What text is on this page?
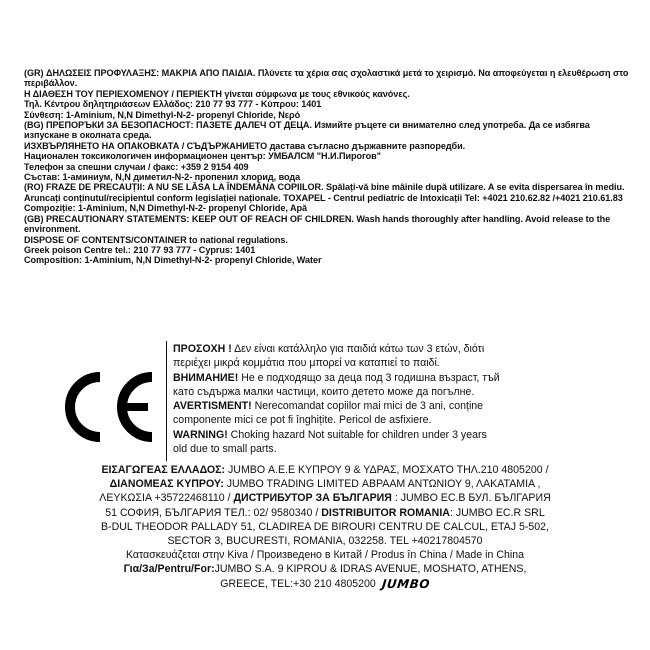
(GR) ΔΗΛΩΣΕΙΣ ΠΡΟΦΥΛΑΞΗΣ: ΜΑΚΡΙΑ ΑΠΟ ΠΑΙΔΙΑ. Πλύνετε τα χέρια σας σχολαστικά μετά το χειρισμό. Να αποφεύγεται η ελευθέρωση στο περιβάλλον.
Η ΔΙΑΘΕΣΗ ΤΟΥ ΠΕΡΙΕΧΟΜΕΝΟΥ / ΠΕΡΙΕΚΤΗ γίνεται σύμφωνα με τους εθνικούς κανόνες.
Τηλ. Κέντρου δηλητηριάσεων Ελλάδος: 210 77 93 777 - Κύπρου: 1401
Σύνθεση: 1-Aminium, N,N Dimethyl-N-2- propenyl Chloride, Νερό
(BG) ПРЕПОРЪКИ ЗА БЕЗОПАСНОСТ: ПАЗЕТЕ ДАЛЕЧ ОТ ДЕЦА. Измийте ръцете си внимателно след употреба. Да се избягва изпускане в околната среда.
ИЗХВЪРЛЯНЕТО НА ОПАКОВКАТА / СЪДЪРЖАНИЕТО дастава съгласно държавните разпоредби.
Национален токсикологичен информационен център: УМБАЛСМ "Н.И.Пирогов"
Телефон за спешни случаи / факс: +359 2 9154 409
Състав: 1-аминиум, N,N диметил-N-2- пропенил хлорид, вода
(RO) FRAZE DE PRECAUȚII: A NU SE LĂSA LA ÎNDEMÂNA COPIILOR. Spălați-vă bine mâinile după utilizare. A se evita dispersarea în mediu. Aruncați conținutul/recipientul conform legislației naționale. TOXAPEL - Centrul pediatric de Intoxicații Tel: +4021 210.62.82 /+4021 210.61.83
Compoziție: 1-Aminium, N,N Dimethyl-N-2- propenyl Chloride, Apă
(GB) PRECAUTIONARY STATEMENTS: KEEP OUT OF REACH OF CHILDREN. Wash hands thoroughly after handling. Avoid release to the environment.
DISPOSE OF CONTENTS/CONTAINER to national regulations.
Greek poison Centre tel.: 210 77 93 777 - Cyprus: 1401
Composition: 1-Aminium, N,N Dimethyl-N-2- propenyl Chloride, Water
ΠΡΟΣΟΧΗ ! Δεν είναι κατάλληλο για παιδιά κάτω των 3 ετών, διότι
περιέχει μικρά κομμάτια που μπορεί να καταπιεί το παιδί.
ВНИМАНИЕ! Не е подходящо за деца под 3 годишна възраст, тъй
като съдържа малки частици, които детето може да погълне.
AVERTISMENT! Nerecomandat copiilor mai mici de 3 ani, conține
componente mici ce pot fi înghițite. Pericol de asfixiere.
WARNING! Choking hazard Not suitable for children under 3 years
old due to small parts.
ΕΙΣΑΓΩΓΕΑΣ ΕΛΛΑΔΟΣ: JUMBO Α.Ε.Ε ΚΥΠΡΟΥ 9 & ΥΔΡΑΣ, ΜΟΣΧΑΤΟ ΤΗΛ.210 4805200 /
ΔΙΑΝΟΜΕΑΣ ΚΥΠΡΟΥ: JUMBO TRADING LIMITED ΑΒΡΑΑΜ ΑΝΤΩΝΙΟΥ 9, ΛΑΚΑΤΑΜΙΑ ,
ΛΕΥΚΩΣΙΑ +35722468110 / ДИСТРИБУТОР ЗА БЪЛГАРИЯ : JUMBO EC.B БУЛ. БЪЛГАРИЯ
51 СОФИЯ, БЪЛГАРИЯ ТЕЛ.: 02/ 9580340 / DISTRIBUITOR ROMANIA: JUMBO EC.R SRL
B-DUL THEODOR PALLADY 51, CLADIREA DE BIROURI CENTRU DE CALCUL, ETAJ 5-502,
SECTOR 3, BUCURESTI, ROMANIA, 032258. TEL +40217804570
Κατασκευάζεται στην Kiva / Произведено в Китай / Produs în China / Made in China
Για/За/Pentru/For:JUMBO S.A. 9 KIPROU & IDRAS AVENUE, MOSHATO, ATHENS,
GREECE, TEL:+30 210 4805200 JUMBO
